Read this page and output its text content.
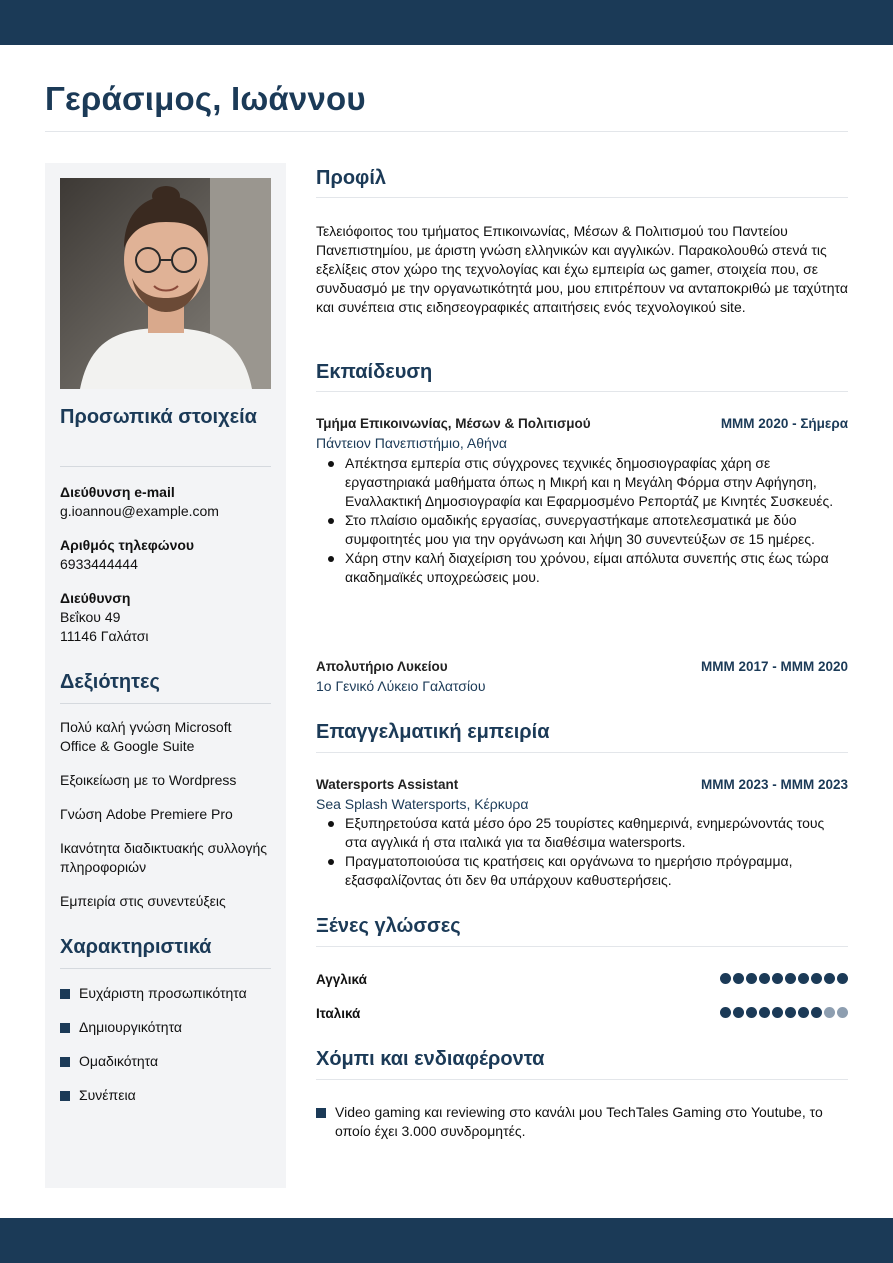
Γεράσιμος, Ιωάννου
Προσωπικά στοιχεία
Διεύθυνση e-mail
g.ioannou@example.com
Αριθμός τηλεφώνου
6933444444
Διεύθυνση
Βεΐκου 49
11146 Γαλάτσι
Δεξιότητες
Πολύ καλή γνώση Microsoft Office & Google Suite
Εξοικείωση με το Wordpress
Γνώση Adobe Premiere Pro
Ικανότητα διαδικτυακής συλλογής πληροφοριών
Εμπειρία στις συνεντεύξεις
Χαρακτηριστικά
Ευχάριστη προσωπικότητα
Δημιουργικότητα
Ομαδικότητα
Συνέπεια
Προφίλ

Τελειόφοιτος του τμήματος Επικοινωνίας, Μέσων & Πολιτισμού του Παντείου Πανεπιστημίου, με άριστη γνώση ελληνικών και αγγλικών. Παρακολουθώ στενά τις εξελίξεις στον χώρο της τεχνολογίας και έχω εμπειρία ως gamer, στοιχεία που, σε συνδυασμό με την οργανωτικότητά μου, μου επιτρέπουν να ανταποκριθώ με ταχύτητα και συνέπεια στις ειδησεογραφικές απαιτήσεις ενός τεχνολογικού site.

Εκπαίδευση
Τμήμα Επικοινωνίας, Μέσων & Πολιτισμού	ΜΜΜ 2020 - Σήμερα
Πάντειον Πανεπιστήμιο, Αθήνα
Απέκτησα εμπερία στις σύγχρονες τεχνικές δημοσιογραφίας χάρη σε εργαστηριακά μαθήματα όπως η Μικρή και η Μεγάλη Φόρμα στην Αφήγηση, Εναλλακτική Δημοσιογραφία και Εφαρμοσμένο Ρεπορτάζ με Κινητές Συσκευές.
Στο πλαίσιο ομαδικής εργασίας, συνεργαστήκαμε αποτελεσματικά με δύο συμφοιτητές μου για την οργάνωση και λήψη 30 συνεντεύξων σε 15 ημέρες.
Χάρη στην καλή διαχείριση του χρόνου, είμαι απόλυτα συνεπής στις έως τώρα ακαδημαϊκές υποχρεώσεις μου.
Απολυτήριο Λυκείου	ΜΜΜ 2017 - ΜΜΜ 2020
1ο Γενικό Λύκειο Γαλατσίου
Επαγγελματική εμπειρία
Watersports Assistant	ΜΜΜ 2023 - ΜΜΜ 2023
Sea Splash Watersports, Κέρκυρα
Εξυπηρετούσα κατά μέσο όρο 25 τουρίστες καθημερινά, ενημερώνοντάς τους στα αγγλικά ή στα ιταλικά για τα διαθέσιμα watersports.
Πραγματοποιούσα τις κρατήσεις και οργάνωνα το ημερήσιο πρόγραμμα, εξασφαλίζοντας ότι δεν θα υπάρχουν καθυστερήσεις.
Ξένες γλώσσες
Αγγλικά
Ιταλικά
Χόμπι και ενδιαφέροντα
Video gaming και reviewing στο κανάλι μου TechTales Gaming στο Youtube, το οποίο έχει 3.000 συνδρομητές.
